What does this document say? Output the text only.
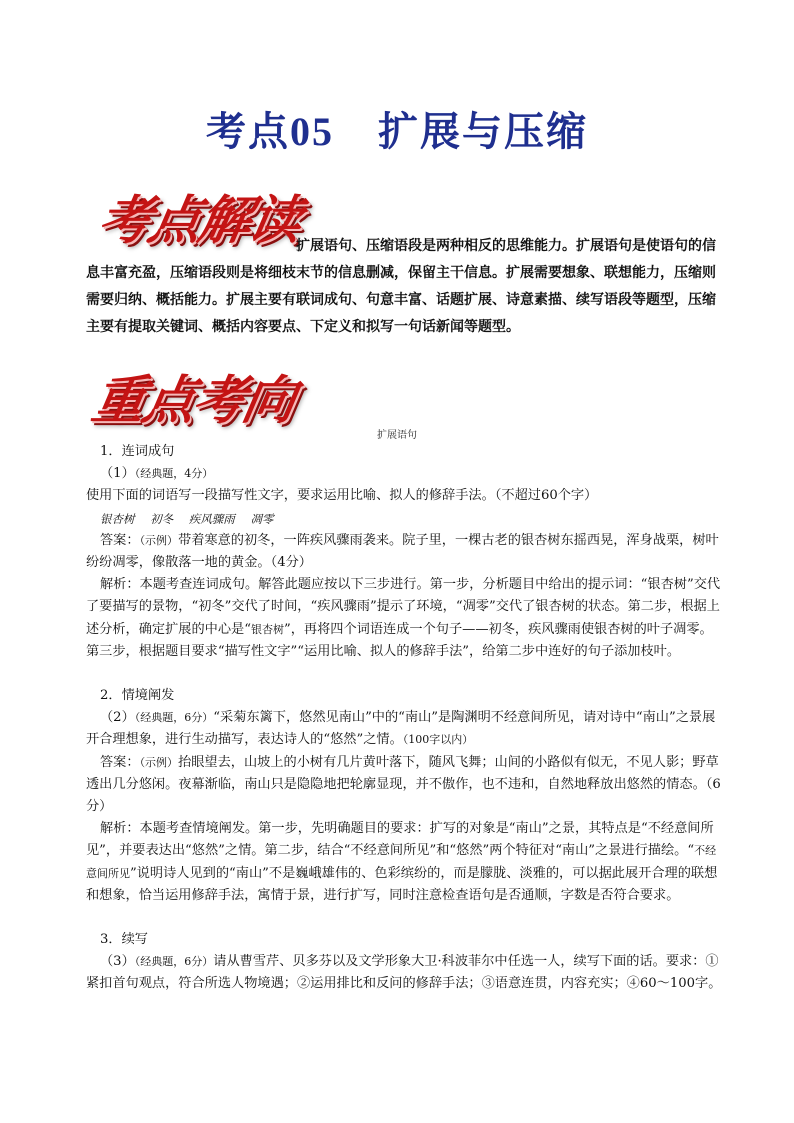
考点05 扩展与压缩
考点解读

扩展语句、压缩语段是两种相反的思维能力。扩展语句是使语句的信息丰富充盈，压缩语段则是将细枝末节的信息删减，保留主干信息。扩展需要想象、联想能力，压缩则需要归纳、概括能力。扩展主要有联词成句、句意丰富、话题扩展、诗意素描、续写语段等题型，压缩主要有提取关键词、概括内容要点、下定义和拟写一句话新闻等题型。

重点考向

扩展语句

1．连词成句

（1）（经典题，4分）使用下面的词语写一段描写性文字，要求运用比喻、拟人的修辞手法。（不超过60个字）

银杏树 初冬 疾风骤雨 凋零

答案：（示例）带着寒意的初冬，一阵疾风骤雨袭来。院子里，一棵古老的银杏树东摇西晃，浑身战栗，树叶纷纷凋零，像散落一地的黄金。（4分）

解析：本题考查连词成句。解答此题应按以下三步进行。第一步，分析题目中给出的提示词：“银杏树”交代了要描写的景物，“初冬”交代了时间，“疾风骤雨”提示了环境，“凋零”交代了银杏树的状态。第二步，根据上述分析，确定扩展的中心是“银杏树”，再将四个词语连成一个句子——初冬，疾风骤雨使银杏树的叶子凋零。第三步，根据题目要求“描写性文字”“运用比喻、拟人的修辞手法”，给第二步中连好的句子添加枝叶。

2．情境阐发

（2）（经典题，6分）“采菊东篱下，悠然见南山”中的“南山”是陶渊明不经意间所见，请对诗中“南山”之景展开合理想象，进行生动描写，表达诗人的“悠然”之情。（100字以内）

答案：（示例）抬眼望去，山坡上的小树有几片黄叶落下，随风飞舞；山间的小路似有似无，不见人影；野草透出几分悠闲。夜幕渐临，南山只是隐隐地把轮廓显现，并不傲作，也不违和，自然地释放出悠然的情态。（6分）

解析：本题考查情境阐发。第一步，先明确题目的要求：扩写的对象是“南山”之景，其特点是“不经意间所见”，并要表达出“悠然”之情。第二步，结合“不经意间所见”和“悠然”两个特征对“南山”之景进行描绘。“不经意间所见”说明诗人见到的“南山”不是巍峨雄伟的、色彩缤纷的，而是朦胧、淡雅的，可以据此展开合理的联想和想象，恰当运用修辞手法，寓情于景，进行扩写，同时注意检查语句是否通顺，字数是否符合要求。

3．续写

（3）（经典题，6分）请从曹雪芹、贝多芬以及文学形象大卫·科波菲尔中任选一人，续写下面的话。要求：①紧扣首句观点，符合所选人物境遇；②运用排比和反问的修辞手法；③语意连贯，内容充实；④60～100字。
